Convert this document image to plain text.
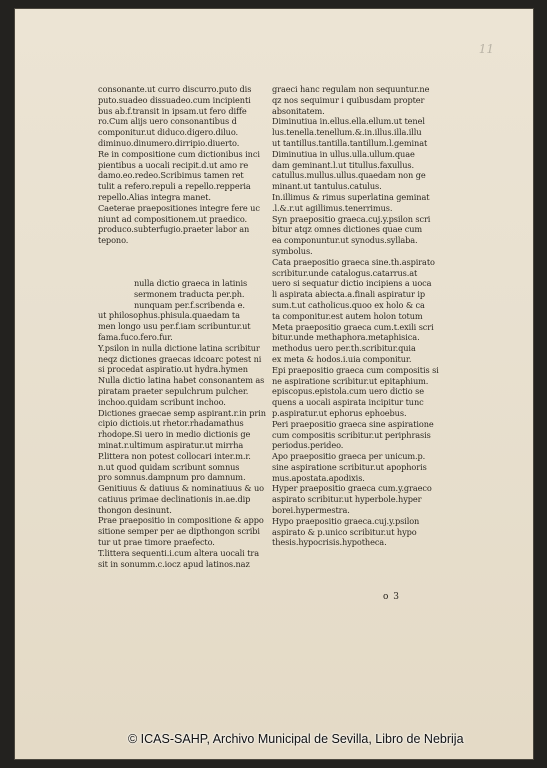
11
consonante.ut curro discurro.puto dis
puto.suadeo dissuadeo.cum incipienti
bus ab.f.transit in ipsam.ut fero diffe
ro.Cum alijs uero consonantibus d
componitur.ut diduco.digero.diluo.
diminuo.dinumero.dirripio.diuerto.
Re in compositione cum dictionibus inci
pientibus a uocali recipit.d.ut amo re
damo.eo.redeo.Scribimus tamen ret
tulit a refero.repuli a repello.repperia
repello.Alias integra manet.
Caeterae praepositiones integre fere uc
niunt ad compositionem.ut praedico.
produco.subterfugio.praeter labor an
tepono.
nulla dictio graeca in latinis
sermonem traducta per.ph.
nunquam per.f.scribenda e.
ut philosophus.phisula.quaedam ta
men longo usu per.f.iam scribuntur.ut
fama.fuco.fero.fur.
Y.psilon in nulla dictione latina scribitur
neqz dictiones graecas idcoarc potest ni
si procedat aspiratio.ut hydra.hymen
Nulla dictio latina habet consonantem as
piratam praeter sepulchrum pulcher.
inchoo.quidam scribunt inchoo.
Dictiones graecae semp aspirant.r.in prin
cipio dictiois.ut rhetor.rhadamathus
rhodope.Si uero in medio dictionis ge
minat.r.ultimum aspiratur.ut mirrha
P.littera non potest collocari inter.m.r.
n.ut quod quidam scribunt somnus
pro somnus.dampnum pro damnum.
Genitiuus & datiuus & nominatiuus & uo
catiuus primae declinationis in.ae.dip
thongon desinunt.
Prae praepositio in compositione & appo
sitione semper per ae dipthongon scribi
tur ut prae timore praefecto.
T.littera sequenti.i.cum altera uocali tra
sit in sonumm.c.iocz apud latinos.naz
graeci hanc regulam non sequuntur.ne
qz nos sequimur i quibusdam propter
absonitatem.
Diminutiua in.ellus.ella.ellum.ut tenel
lus.tenella.tenellum.&.in.illus.illa.illu
ut tantillus.tantilla.tantillum.l.geminat
Diminutiua in ullus.ulla.ullum.quae
dam geminant.l.ut titullus.faxullus.
catullus.mullus.ullus.quaedam non ge
minant.ut tantulus.catulus.
In.illimus & rimus superlatina geminat
.l.&.r.ut agillimus.tenerrimus.
Syn praepositio graeca.cuj.y.psilon scri
bitur atqz omnes dictiones quae cum
ea componuntur.ut synodus.syllaba.
symbolus.
Cata praepositio graeca sine.th.aspirato
scribitur.unde catalogus.catarrus.at
uero si sequatur dictio incipiens a uoca
li aspirata abiecta.a.finali aspiratur ip
sum.t.ut catholicus.quoo ex holo & ca
ta componitur.est autem holon totum
Meta praepositio graeca cum.t.exili scri
bitur.unde methaphora.metaphisica.
methodus uero per.th.scribitur.quia
ex meta & hodos.i.uia componitur.
Epi praepositio graeca cum compositis si
ne aspiratione scribitur.ut epitaphium.
episcopus.epistola.cum uero dictio se
quens a uocali aspirata incipitur tunc
p.aspiratur.ut ephorus ephoebus.
Peri praepositio graeca sine aspiratione
cum compositis scribitur.ut periphrasis
periodus.perideo.
Apo praepositio graeca per unicum.p.
sine aspiratione scribitur.ut apophoris
mus.apostata.apodixis.
Hyper praepositio graeca cum.y.graeco
aspirato scribitur.ut hyperbole.hyper
borei.hypermestra.
Hypo praepositio graeca.cuj.y.psilon
aspirato & p.unico scribitur.ut hypo
thesis.hypocrisis.hypotheca.
o 3
© ICAS-SAHP, Archivo Municipal de Sevilla, Libro de Nebrija
